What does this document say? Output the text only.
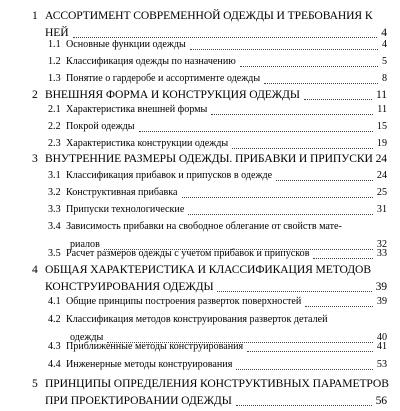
1 АССОРТИМЕНТ СОВРЕМЕННОЙ ОДЕЖДЫ И ТРЕБОВАНИЯ К
НЕЙ	4
1.1 Основные функции одежды	4
1.2 Классификация одежды по назначению	5
1.3 Понятие о гардеробе и ассортименте одежды	8
2 ВНЕШНЯЯ ФОРМА И КОНСТРУКЦИЯ ОДЕЖДЫ	11
2.1 Характеристика внешней формы	11
2.2 Покрой одежды	15
2.3 Характеристика конструкции одежды	19
3 ВНУТРЕННИЕ РАЗМЕРЫ ОДЕЖДЫ. ПРИБАВКИ И ПРИПУСКИ 24
3.1 Классификация прибавок и припусков в одежде	24
3.2 Конструктивная прибавка	25
3.3 Припуски технологические	31
3.4 Зависимость прибавки на свободное облегание от свойств мате-
риалов	32
3.5 Расчет размеров одежды с учетом прибавок и припусков	33
4 ОБЩАЯ ХАРАКТЕРИСТИКА И КЛАССИФИКАЦИЯ МЕТОДОВ
КОНСТРУИРОВАНИЯ ОДЕЖДЫ	39
4.1 Общие принципы построения разверток поверхностей	39
4.2 Классификация методов конструирования разверток деталей
одежды	40
4.3 Приближенные методы конструирования	41
4.4 Инженерные методы конструирования	53
5 ПРИНЦИПЫ ОПРЕДЕЛЕНИЯ КОНСТРУКТИВНЫХ ПАРАМЕТРОВ
ПРИ ПРОЕКТИРОВАНИИ ОДЕЖДЫ	56
